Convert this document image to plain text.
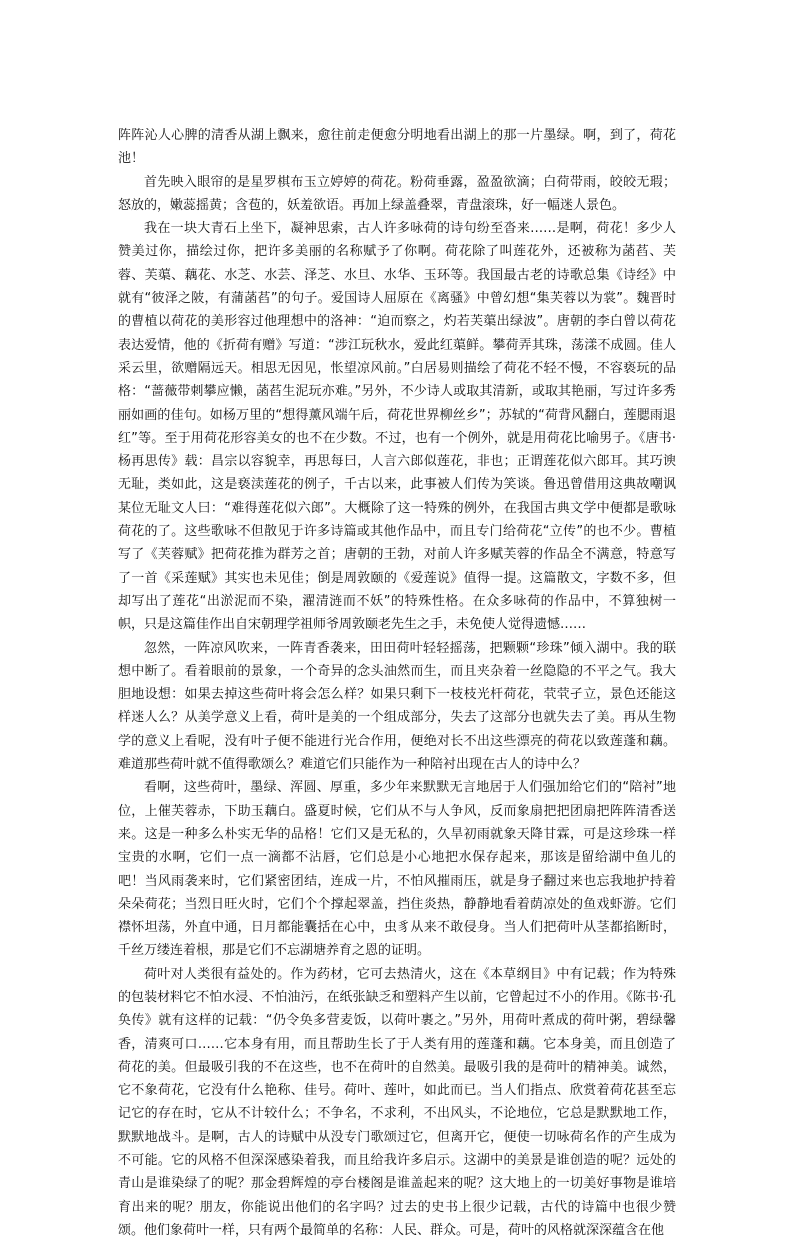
阵阵沁人心脾的清香从湖上飘来，愈往前走便愈分明地看出湖上的那一片墨绿。啊，到了，荷花池！

首先映入眼帘的是星罗棋布玉立婷婷的荷花。粉荷垂露，盈盈欲滴；白荷带雨，皎皎无瑕；怒放的，嫩蕊摇黄；含苞的，妖羞欲语。再加上绿盖叠翠，青盘滚珠，好一幅迷人景色。

我在一块大青石上坐下，凝神思索，古人许多咏荷的诗句纷至沓来……是啊，荷花！多少人赞美过你，描绘过你，把许多美丽的名称赋予了你啊。荷花除了叫莲花外，还被称为菡萏、芙蓉、芙蕖、藕花、水芝、水芸、泽芝、水旦、水华、玉环等。我国最古老的诗歌总集《诗经》中就有“彼泽之陂，有蒲菡萏”的句子。爱国诗人屈原在《离骚》中曾幻想“集芙蓉以为裳”。魏晋时的曹植以荷花的美形容过他理想中的洛神：“迫而察之，灼若芙蕖出绿波”。唐朝的李白曾以荷花表达爱情，他的《折荷有赠》写道：“涉江玩秋水，爱此红蕖鲜。攀荷弄其珠，荡漾不成圆。佳人采云里，欲赠隔远天。相思无因见，怅望凉风前。”白居易则描绘了荷花不轻不慢，不容亵玩的品格：“蔷薇带刺攀应懒，菡萏生泥玩亦难。”另外，不少诗人或取其清新，或取其艳丽，写过许多秀丽如画的佳句。如杨万里的“想得薰风端午后，荷花世界柳丝乡”；苏轼的“荷背风翻白，莲腮雨退红”等。至于用荷花形容美女的也不在少数。不过，也有一个例外，就是用荷花比喻男子。《唐书·杨再思传》载：昌宗以容貌幸，再思每曰，人言六郎似莲花，非也；正谓莲花似六郎耳。其巧谀无耻，类如此，这是亵渎莲花的例子，千古以来，此事被人们传为笑谈。鲁迅曾借用这典故嘲讽某位无耻文人曰：“难得莲花似六郎”。大概除了这一特殊的例外，在我国古典文学中便都是歌咏荷花的了。这些歌咏不但散见于许多诗篇或其他作品中，而且专门给荷花“立传”的也不少。曹植写了《芙蓉赋》把荷花推为群芳之首；唐朝的王勃，对前人许多赋芙蓉的作品全不满意，特意写了一首《采莲赋》其实也未见佳；倒是周敦颐的《爱莲说》值得一提。这篇散文，字数不多，但却写出了莲花“出淤泥而不染，濯清涟而不妖”的特殊性格。在众多咏荷的作品中，不算独树一帜，只是这篇佳作出自宋朝理学祖师爷周敦颐老先生之手，未免使人觉得遗憾……

忽然，一阵凉风吹来，一阵青香袭来，田田荷叶轻轻摇荡，把颗颗“珍珠”倾入湖中。我的联想中断了。看着眼前的景象，一个奇异的念头油然而生，而且夹杂着一丝隐隐的不平之气。我大胆地设想：如果去掉这些荷叶将会怎么样？如果只剩下一枝枝光杆荷花，茕茕孑立，景色还能这样迷人么？从美学意义上看，荷叶是美的一个组成部分，失去了这部分也就失去了美。再从生物学的意义上看呢，没有叶子便不能进行光合作用，便绝对长不出这些漂亮的荷花以致莲蓬和藕。难道那些荷叶就不值得歌颂么？难道它们只能作为一种陪衬出现在古人的诗中么？

看啊，这些荷叶，墨绿、浑圆、厚重，多少年来默默无言地居于人们强加给它们的“陪衬”地位，上催芙蓉赤，下助玉藕白。盛夏时候，它们从不与人争风，反而象扇把把团扇把阵阵清香送来。这是一种多么朴实无华的品格！它们又是无私的，久旱初雨就象天降甘霖，可是这珍珠一样宝贵的水啊，它们一点一滴都不沾唇，它们总是小心地把水保存起来，那该是留给湖中鱼儿的吧！当风雨袭来时，它们紧密团结，连成一片，不怕风摧雨压，就是身子翻过来也忘我地护持着朵朵荷花；当烈日旺火时，它们个个撑起翠盖，挡住炎热，静静地看着荫凉处的鱼戏虾游。它们襟怀坦荡，外直中通，日月都能囊括在心中，虫豸从来不敢侵身。当人们把荷叶从茎都掐断时，千丝万缕连着根，那是它们不忘湖塘养育之恩的证明。

荷叶对人类很有益处的。作为药材，它可去热清火，这在《本草纲目》中有记载；作为特殊的包装材料它不怕水浸、不怕油污，在纸张缺乏和塑料产生以前，它曾起过不小的作用。《陈书·孔奂传》就有这样的记载：“仍令奂多营麦饭，以荷叶裹之。”另外，用荷叶煮成的荷叶粥，碧绿馨香，清爽可口……它本身有用，而且帮助生长了于人类有用的莲蓬和藕。它本身美，而且创造了荷花的美。但最吸引我的不在这些，也不在荷叶的自然美。最吸引我的是荷叶的精神美。诚然，它不象荷花，它没有什么艳称、佳号。荷叶、莲叶，如此而已。当人们指点、欣赏着荷花甚至忘记它的存在时，它从不计较什么；不争名，不求利，不出风头，不论地位，它总是默默地工作，默默地战斗。是啊，古人的诗赋中从没专门歌颂过它，但离开它，便使一切咏荷名作的产生成为不可能。它的风格不但深深感染着我，而且给我许多启示。这湖中的美景是谁创造的呢？远处的青山是谁染绿了的呢？那金碧辉煌的亭台楼阁是谁盖起来的呢？这大地上的一切美好事物是谁培育出来的呢？朋友，你能说出他们的名字吗？过去的史书上很少记载，古代的诗篇中也很少赞颂。他们象荷叶一样，只有两个最简单的名称：人民、群众。可是，荷叶的风格就深深蕴含在他
